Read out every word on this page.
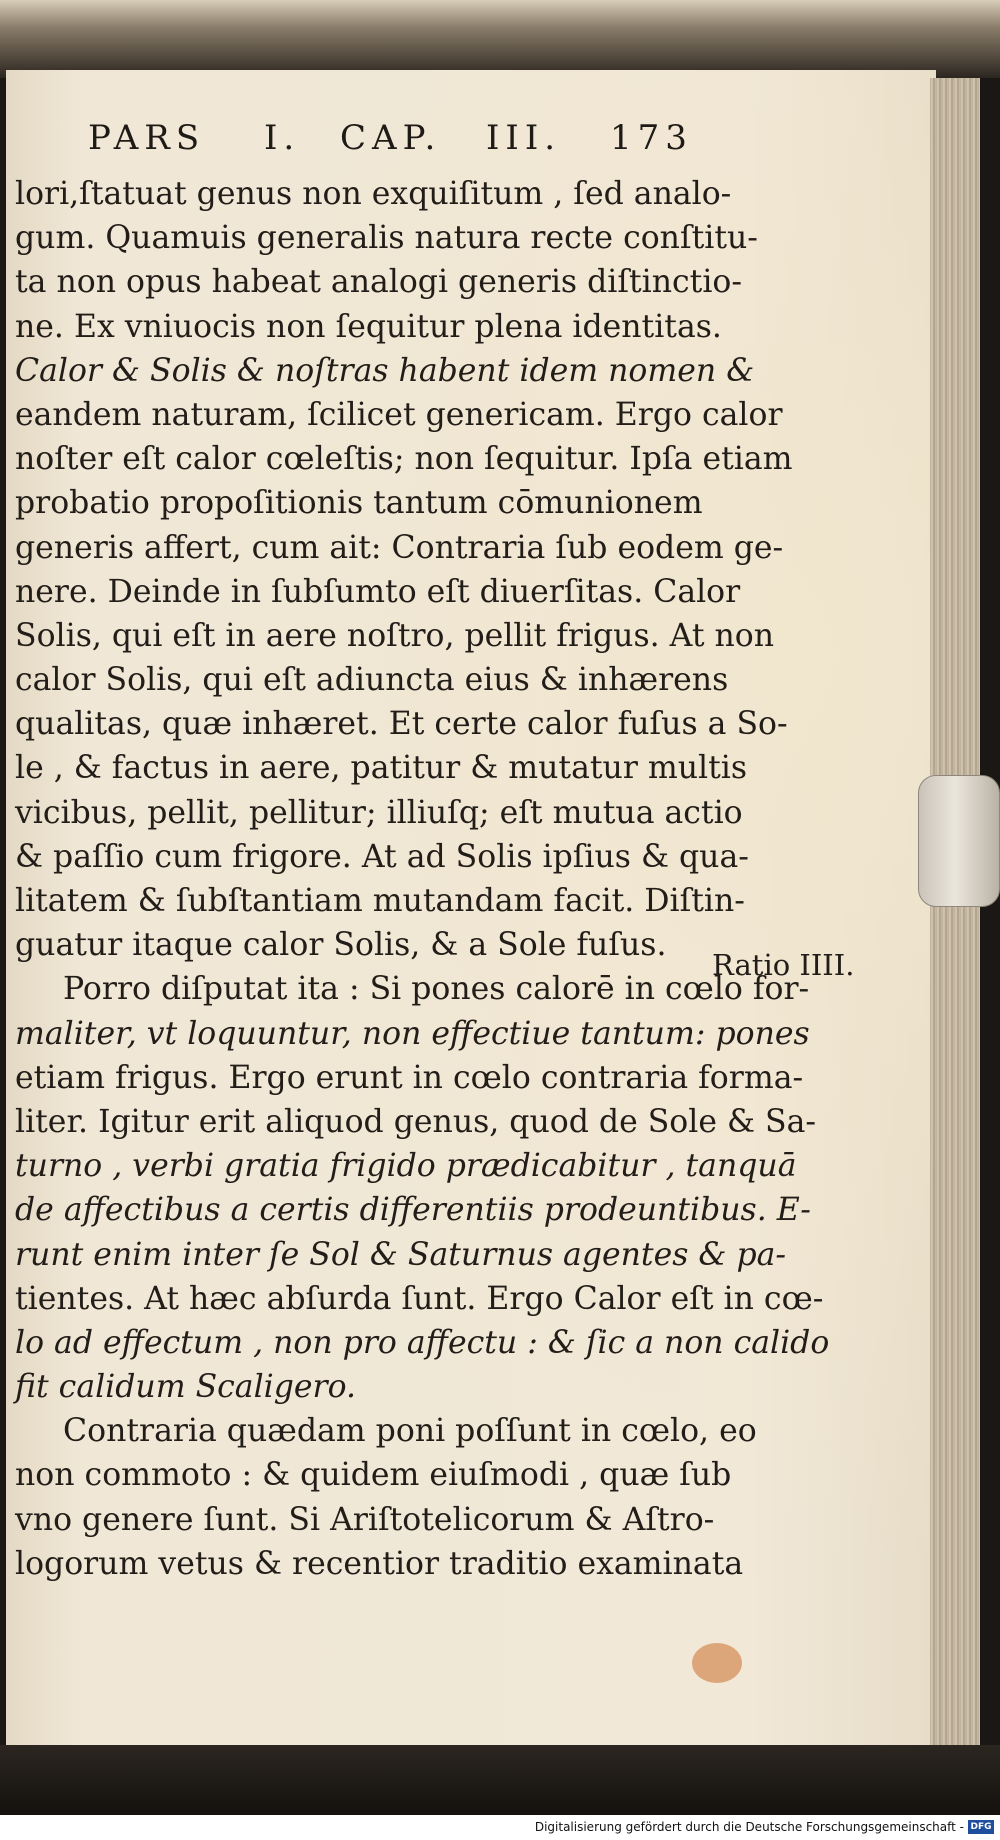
PARS I. CAP. III. 173
lori,ſtatuat genus non exquiſitum , ſed analo-
gum. Quamuis generalis natura recte conſtitu-
ta non opus habeat analogi generis diſtinctio-
ne. Ex vniuocis non ſequitur plena identitas.
Calor & Solis & noſtras habent idem nomen &
eandem naturam, ſcilicet genericam. Ergo calor
noſter eſt calor cœleſtis; non ſequitur. Ipſa etiam
probatio propoſitionis tantum cōmunionem
generis affert, cum ait: Contraria ſub eodem ge-
nere. Deinde in ſubſumto eſt diuerſitas. Calor
Solis, qui eſt in aere noſtro, pellit frigus. At non
calor Solis, qui eſt adiuncta eius & inhærens
qualitas, quæ inhæret. Et certe calor fuſus a So-
le , & factus in aere, patitur & mutatur multis
vicibus, pellit, pellitur; illiuſq; eſt mutua actio
& paſſio cum frigore. At ad Solis ipſius & qua-
litatem & ſubſtantiam mutandam facit. Diſtin-
guatur itaque calor Solis, & a Sole fuſus.
Porro diſputat ita : Si pones calorē in cœlo for-
maliter, vt loquuntur, non effectiue tantum: pones
etiam frigus. Ergo erunt in cœlo contraria forma-
liter. Igitur erit aliquod genus, quod de Sole & Sa-
turno , verbi gratia frigido prædicabitur , tanquā
de affectibus a certis differentiis prodeuntibus. E-
runt enim inter ſe Sol & Saturnus agentes & pa-
tientes. At hæc abſurda ſunt. Ergo Calor eſt in cœ-
lo ad effectum , non pro affectu : & ſic a non calido
fit calidum Scaligero.
Contraria quædam poni poſſunt in cœlo, eo
non commoto : & quidem eiuſmodi , quæ ſub
vno genere ſunt. Si Ariſtotelicorum & Aſtro-
logorum vetus & recentior traditio examinata
Ratio IIII.
Digitalisierung gefördert durch die Deutsche Forschungsgemeinschaft - DFG
